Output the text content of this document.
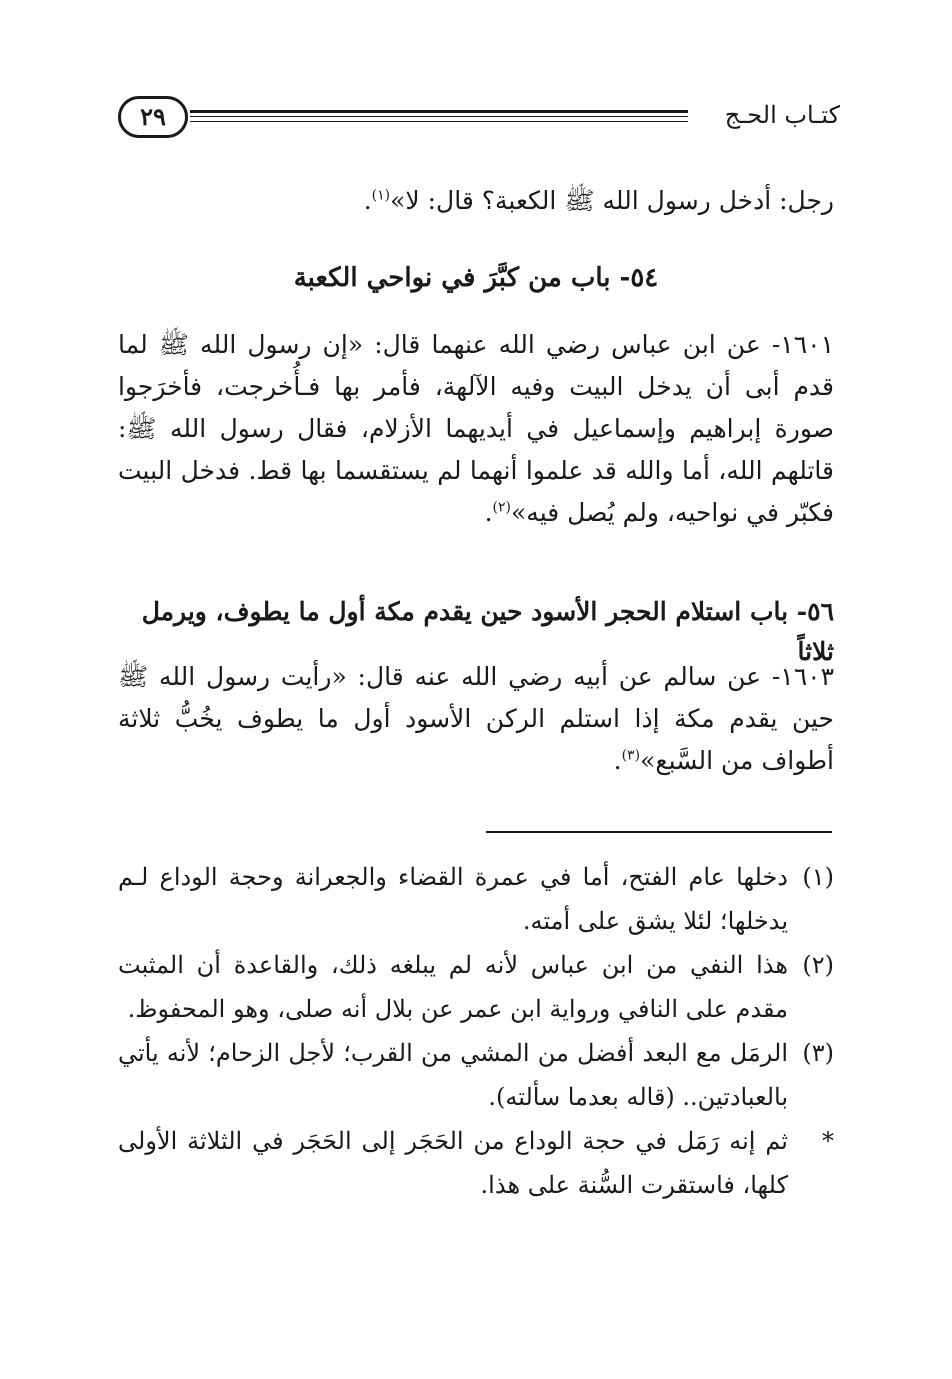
كتـاب الحـج
٢٩
رجل: أدخل رسول الله ﷺ الكعبة؟ قال: لا»$^{(١)}$.
٥٤- باب من كبَّرَ في نواحي الكعبة
١٦٠١- عن ابن عباس رضي الله عنهما قال: «إن رسول الله ﷺ لما قدم أبى أن يدخل البيت وفيه الآلهة، فأمر بها فـأُخرجت، فأخرَجوا صورة إبراهيم وإسماعيل في أيديهما الأزلام، فقال رسول الله ﷺ: قاتلهم الله، أما والله قد علموا أنهما لم يستقسما بها قط. فدخل البيت فكبّر في نواحيه، ولم يُصل فيه»$^{(٢)}$.
٥٦- باب استلام الحجر الأسود حين يقدم مكة أول ما يطوف، ويرمل ثلاثاً
١٦٠٣- عن سالم عن أبيه رضي الله عنه قال: «رأيت رسول الله ﷺ حين يقدم مكة إذا استلم الركن الأسود أول ما يطوف يخُبُّ ثلاثة أطواف من السَّبع»$^{(٣)}$.
(١)دخلها عام الفتح، أما في عمرة القضاء والجعرانة وحجة الوداع لـم يدخلها؛ لئلا يشق على أمته.
(٢)هذا النفي من ابن عباس لأنه لم يبلغه ذلك، والقاعدة أن المثبت مقدم على النافي ورواية ابن عمر عن بلال أنه صلى، وهو المحفوظ.
(٣)الرمَل مع البعد أفضل من المشي من القرب؛ لأجل الزحام؛ لأنه يأتي بالعبادتين.. (قاله بعدما سألته).
*ثم إنه رَمَل في حجة الوداع من الحَجَر إلى الحَجَر في الثلاثة الأولى كلها، فاستقرت السُّنة على هذا.
